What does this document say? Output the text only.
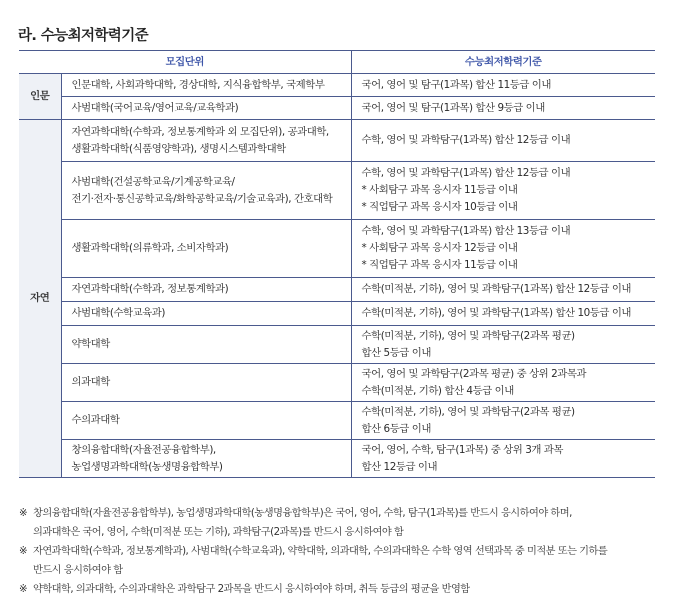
라. 수능최저학력기준
모집단위		수능최저학력기준
인문	인문대학, 사회과학대학, 경상대학, 지식융합학부, 국제학부	국어, 영어 및 탐구(1과목) 합산 11등급 이내

	사범대학(국어교육/영어교육/교육학과)	국어, 영어 및 탐구(1과목) 합산 9등급 이내

자연	자연과학대학(수학과, 정보통계학과 외 모집단위), 공과대학,
생활과학대학(식품영양학과), 생명시스템과학대학	수학, 영어 및 과학탐구(1과목) 합산 12등급 이내

	사범대학(건설공학교육/기계공학교육/
전기·전자·통신공학교육/화학공학교육/기술교육과), 간호대학	수학, 영어 및 과학탐구(1과목) 합산 12등급 이내
* 사회탐구 과목 응시자 11등급 이내
* 직업탐구 과목 응시자 10등급 이내

	생활과학대학(의류학과, 소비자학과)	수학, 영어 및 과학탐구(1과목) 합산 13등급 이내
* 사회탐구 과목 응시자 12등급 이내
* 직업탐구 과목 응시자 11등급 이내

	자연과학대학(수학과, 정보통계학과)	수학(미적분, 기하), 영어 및 과학탐구(1과목) 합산 12등급 이내

	사범대학(수학교육과)	수학(미적분, 기하), 영어 및 과학탐구(1과목) 합산 10등급 이내

	약학대학	수학(미적분, 기하), 영어 및 과학탐구(2과목 평균)
합산 5등급 이내

	의과대학	국어, 영어 및 과학탐구(2과목 평균) 중 상위 2과목과
수학(미적분, 기하) 합산 4등급 이내

	수의과대학	수학(미적분, 기하), 영어 및 과학탐구(2과목 평균)
합산 6등급 이내

	창의융합대학(자율전공융합학부),
농업생명과학대학(농생명융합학부)	국어, 영어, 수학, 탐구(1과목) 중 상위 3개 과목
합산 12등급 이내
※ 창의융합대학(자율전공융합학부), 농업생명과학대학(농생명융합학부)은 국어, 영어, 수학, 탐구(1과목)를 반드시 응시하여야 하며,
의과대학은 국어, 영어, 수학(미적분 또는 기하), 과학탐구(2과목)를 반드시 응시하여야 함
※ 자연과학대학(수학과, 정보통계학과), 사범대학(수학교육과), 약학대학, 의과대학, 수의과대학은 수학 영역 선택과목 중 미적분 또는 기하를
반드시 응시하여야 함
※ 약학대학, 의과대학, 수의과대학은 과학탐구 2과목을 반드시 응시하여야 하며, 취득 등급의 평균을 반영함
